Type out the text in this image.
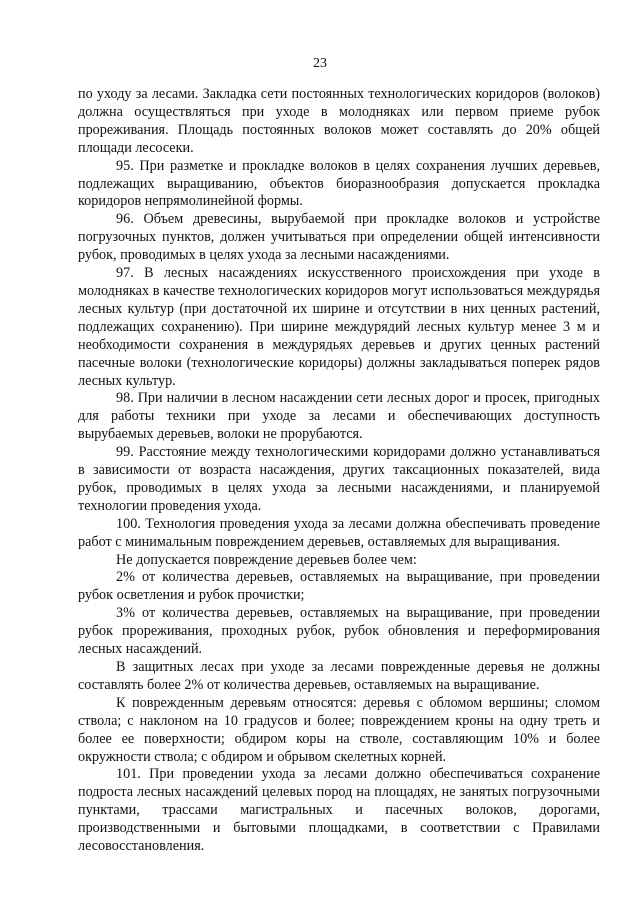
23

по уходу за лесами. Закладка сети постоянных технологических коридоров (волоков) должна осуществляться при уходе в молодняках или первом приеме рубок прореживания. Площадь постоянных волоков может составлять до 20% общей площади лесосеки.

95. При разметке и прокладке волоков в целях сохранения лучших деревьев, подлежащих выращиванию, объектов биоразнообразия допускается прокладка коридоров непрямолинейной формы.

96. Объем древесины, вырубаемой при прокладке волоков и устройстве погрузочных пунктов, должен учитываться при определении общей интенсивности рубок, проводимых в целях ухода за лесными насаждениями.

97. В лесных насаждениях искусственного происхождения при уходе в молодняках в качестве технологических коридоров могут использоваться междурядья лесных культур (при достаточной их ширине и отсутствии в них ценных растений, подлежащих сохранению). При ширине междурядий лесных культур менее 3 м и необходимости сохранения в междурядьях деревьев и других ценных растений пасечные волоки (технологические коридоры) должны закладываться поперек рядов лесных культур.

98. При наличии в лесном насаждении сети лесных дорог и просек, пригодных для работы техники при уходе за лесами и обеспечивающих доступность вырубаемых деревьев, волоки не прорубаются.

99. Расстояние между технологическими коридорами должно устанавливаться в зависимости от возраста насаждения, других таксационных показателей, вида рубок, проводимых в целях ухода за лесными насаждениями, и планируемой технологии проведения ухода.

100. Технология проведения ухода за лесами должна обеспечивать проведение работ с минимальным повреждением деревьев, оставляемых для выращивания.

Не допускается повреждение деревьев более чем:

2% от количества деревьев, оставляемых на выращивание, при проведении рубок осветления и рубок прочистки;

3% от количества деревьев, оставляемых на выращивание, при проведении рубок прореживания, проходных рубок, рубок обновления и переформирования лесных насаждений.

В защитных лесах при уходе за лесами поврежденные деревья не должны составлять более 2% от количества деревьев, оставляемых на выращивание.

К поврежденным деревьям относятся: деревья с обломом вершины; сломом ствола; с наклоном на 10 градусов и более; повреждением кроны на одну треть и более ее поверхности; обдиром коры на стволе, составляющим 10% и более окружности ствола; с обдиром и обрывом скелетных корней.

101. При проведении ухода за лесами должно обеспечиваться сохранение подроста лесных насаждений целевых пород на площадях, не занятых погрузочными пунктами, трассами магистральных и пасечных волоков, дорогами, производственными и бытовыми площадками, в соответствии с Правилами лесовосстановления.
